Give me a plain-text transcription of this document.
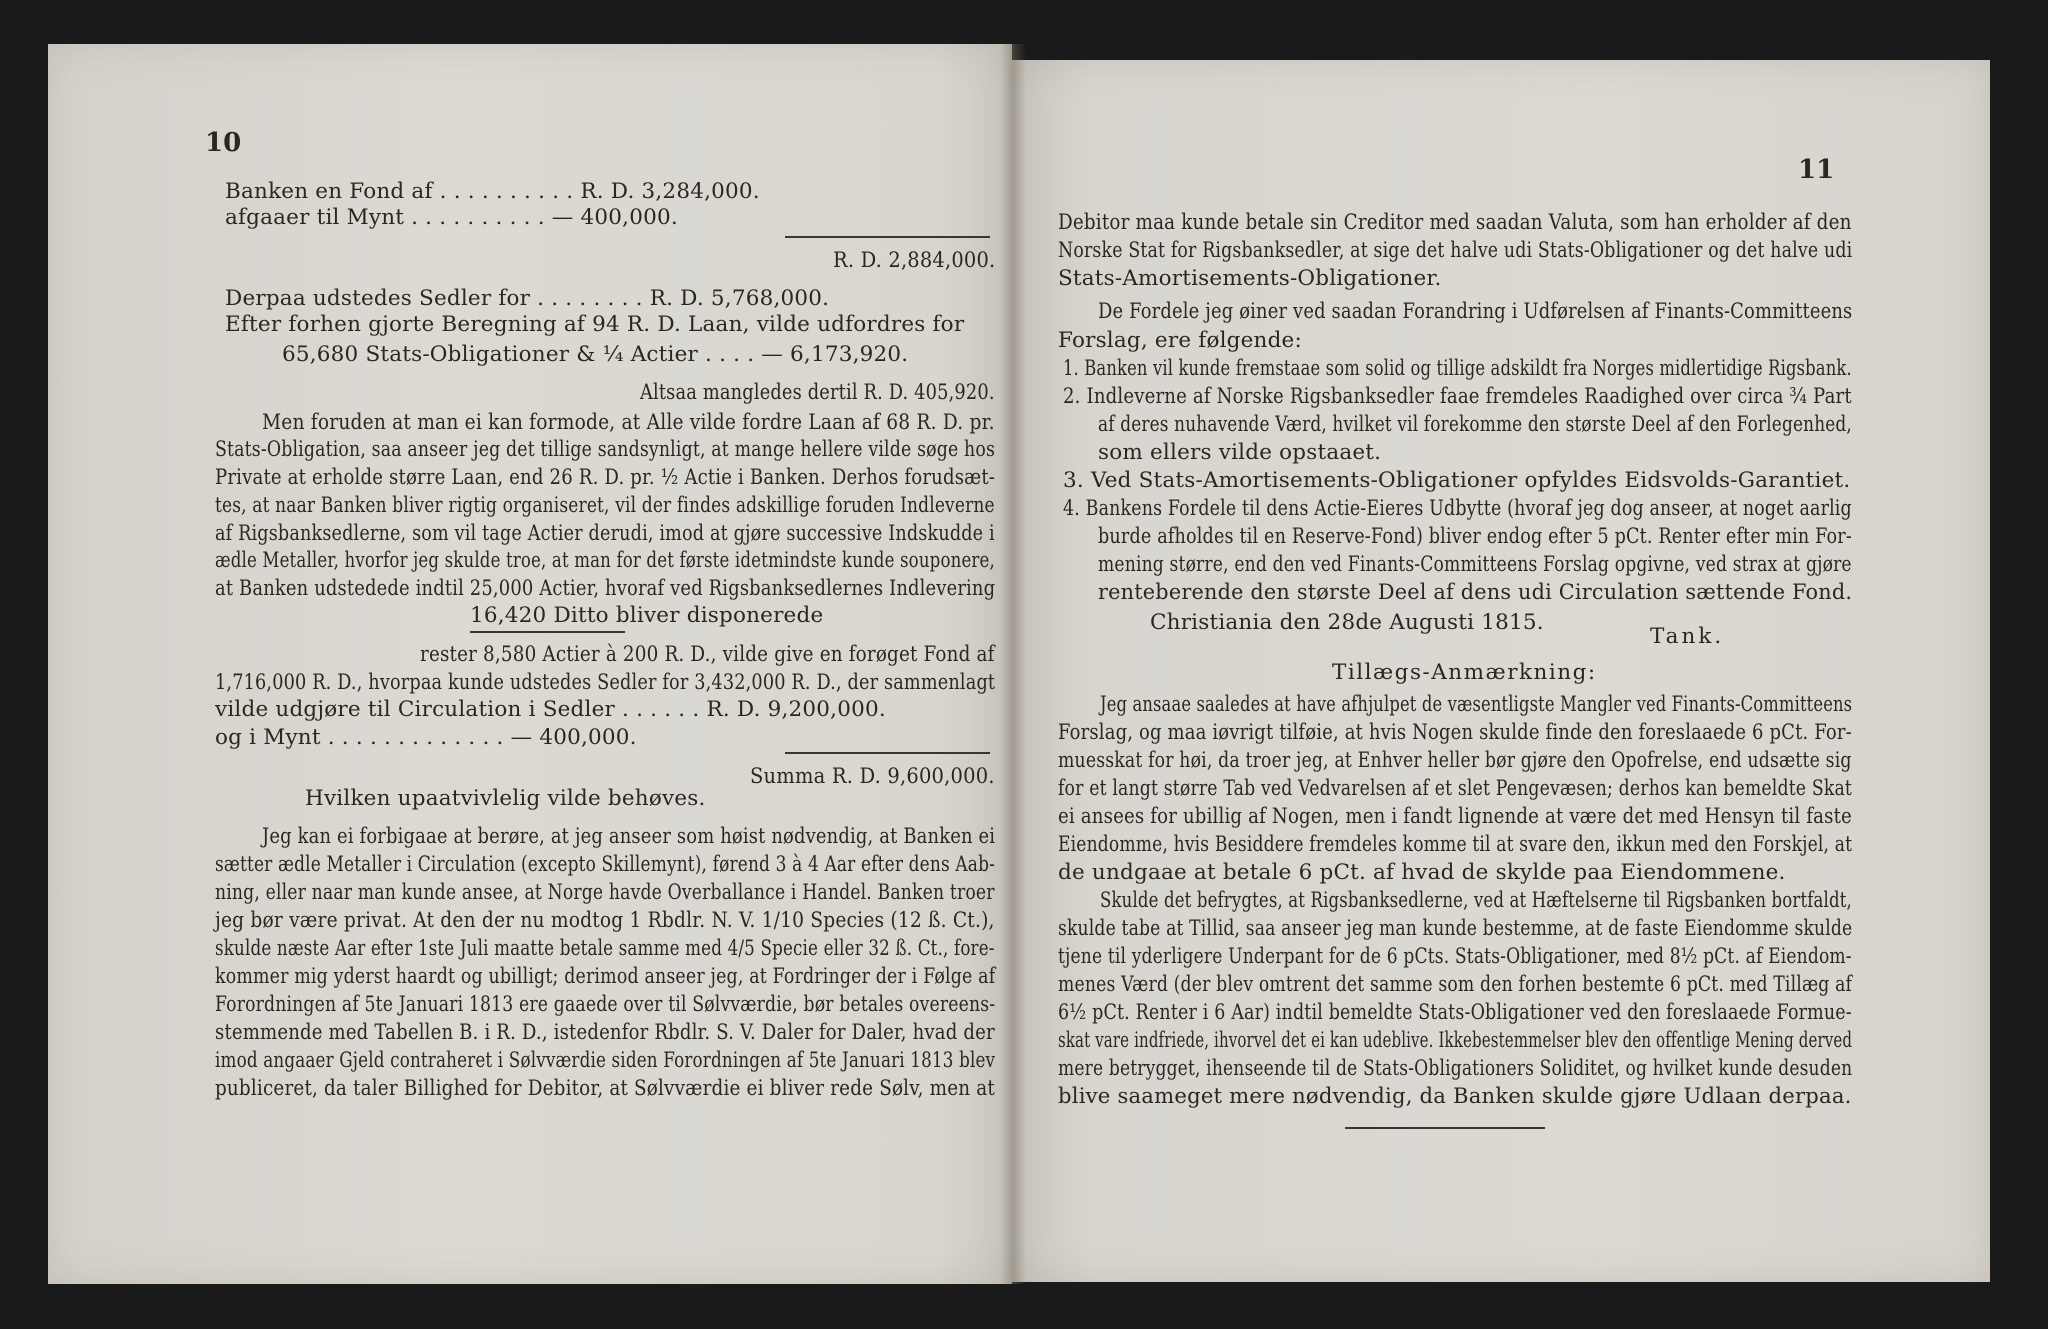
10
Banken en Fond af . . . . . . . . . . R. D. 3,284,000.
afgaaer til Mynt . . . . . . . . . . — 400,000.
R. D. 2,884,000.
Derpaa udstedes Sedler for . . . . . . . . R. D. 5,768,000.
Efter forhen gjorte Beregning af 94 R. D. Laan, vilde udfordres for
65,680 Stats-Obligationer & ¼ Actier . . . . — 6,173,920.
Altsaa mangledes dertil R. D. 405,920.
Men foruden at man ei kan formode, at Alle vilde fordre Laan af 68 R. D. pr.
Stats-Obligation, saa anseer jeg det tillige sandsynligt, at mange hellere vilde søge hos
Private at erholde større Laan, end 26 R. D. pr. ½ Actie i Banken. Derhos forudsæt-
tes, at naar Banken bliver rigtig organiseret, vil der findes adskillige foruden Indleverne
af Rigsbanksedlerne, som vil tage Actier derudi, imod at gjøre successive Indskudde i
ædle Metaller, hvorfor jeg skulde troe, at man for det første idetmindste kunde souponere,
at Banken udstedede indtil 25,000 Actier, hvoraf ved Rigsbanksedlernes Indlevering
16,420 Ditto bliver disponerede
rester 8,580 Actier à 200 R. D., vilde give en forøget Fond af
1,716,000 R. D., hvorpaa kunde udstedes Sedler for 3,432,000 R. D., der sammenlagt
vilde udgjøre til Circulation i Sedler . . . . . . R. D. 9,200,000.
og i Mynt . . . . . . . . . . . . . — 400,000.
Summa R. D. 9,600,000.
Hvilken upaatvivlelig vilde behøves.
Jeg kan ei forbigaae at berøre, at jeg anseer som høist nødvendig, at Banken ei
sætter ædle Metaller i Circulation (excepto Skillemynt), førend 3 à 4 Aar efter dens Aab-
ning, eller naar man kunde ansee, at Norge havde Overballance i Handel. Banken troer
jeg bør være privat. At den der nu modtog 1 Rbdlr. N. V. 1/10 Species (12 ß. Ct.),
skulde næste Aar efter 1ste Juli maatte betale samme med 4/5 Specie eller 32 ß. Ct., fore-
kommer mig yderst haardt og ubilligt; derimod anseer jeg, at Fordringer der i Følge af
Forordningen af 5te Januari 1813 ere gaaede over til Sølvværdie, bør betales overeens-
stemmende med Tabellen B. i R. D., istedenfor Rbdlr. S. V. Daler for Daler, hvad der
imod angaaer Gjeld contraheret i Sølvværdie siden Forordningen af 5te Januari 1813 blev
publiceret, da taler Billighed for Debitor, at Sølvværdie ei bliver rede Sølv, men at
11
Debitor maa kunde betale sin Creditor med saadan Valuta, som han erholder af den
Norske Stat for Rigsbanksedler, at sige det halve udi Stats-Obligationer og det halve udi
Stats-Amortisements-Obligationer.
De Fordele jeg øiner ved saadan Forandring i Udførelsen af Finants-Committeens
Forslag, ere følgende:
1. Banken vil kunde fremstaae som solid og tillige adskildt fra Norges midlertidige Rigsbank.
2. Indleverne af Norske Rigsbanksedler faae fremdeles Raadighed over circa ¾ Part
af deres nuhavende Værd, hvilket vil forekomme den største Deel af den Forlegenhed,
som ellers vilde opstaaet.
3. Ved Stats-Amortisements-Obligationer opfyldes Eidsvolds-Garantiet.
4. Bankens Fordele til dens Actie-Eieres Udbytte (hvoraf jeg dog anseer, at noget aarlig
burde afholdes til en Reserve-Fond) bliver endog efter 5 pCt. Renter efter min For-
mening større, end den ved Finants-Committeens Forslag opgivne, ved strax at gjøre
renteberende den største Deel af dens udi Circulation sættende Fond.
Christiania den 28de Augusti 1815.
Tank.
Tillægs-Anmærkning:
Jeg ansaae saaledes at have afhjulpet de væsentligste Mangler ved Finants-Committeens
Forslag, og maa iøvrigt tilføie, at hvis Nogen skulde finde den foreslaaede 6 pCt. For-
muesskat for høi, da troer jeg, at Enhver heller bør gjøre den Opofrelse, end udsætte sig
for et langt større Tab ved Vedvarelsen af et slet Pengevæsen; derhos kan bemeldte Skat
ei ansees for ubillig af Nogen, men i fandt lignende at være det med Hensyn til faste
Eiendomme, hvis Besiddere fremdeles komme til at svare den, ikkun med den Forskjel, at
de undgaae at betale 6 pCt. af hvad de skylde paa Eiendommene.
Skulde det befrygtes, at Rigsbanksedlerne, ved at Hæftelserne til Rigsbanken bortfaldt,
skulde tabe at Tillid, saa anseer jeg man kunde bestemme, at de faste Eiendomme skulde
tjene til yderligere Underpant for de 6 pCts. Stats-Obligationer, med 8½ pCt. af Eiendom-
menes Værd (der blev omtrent det samme som den forhen bestemte 6 pCt. med Tillæg af
6½ pCt. Renter i 6 Aar) indtil bemeldte Stats-Obligationer ved den foreslaaede Formue-
skat vare indfriede, ihvorvel det ei kan udeblive. Ikkebestemmelser blev den offentlige Mening derved
mere betrygget, ihenseende til de Stats-Obligationers Soliditet, og hvilket kunde desuden
blive saameget mere nødvendig, da Banken skulde gjøre Udlaan derpaa.
